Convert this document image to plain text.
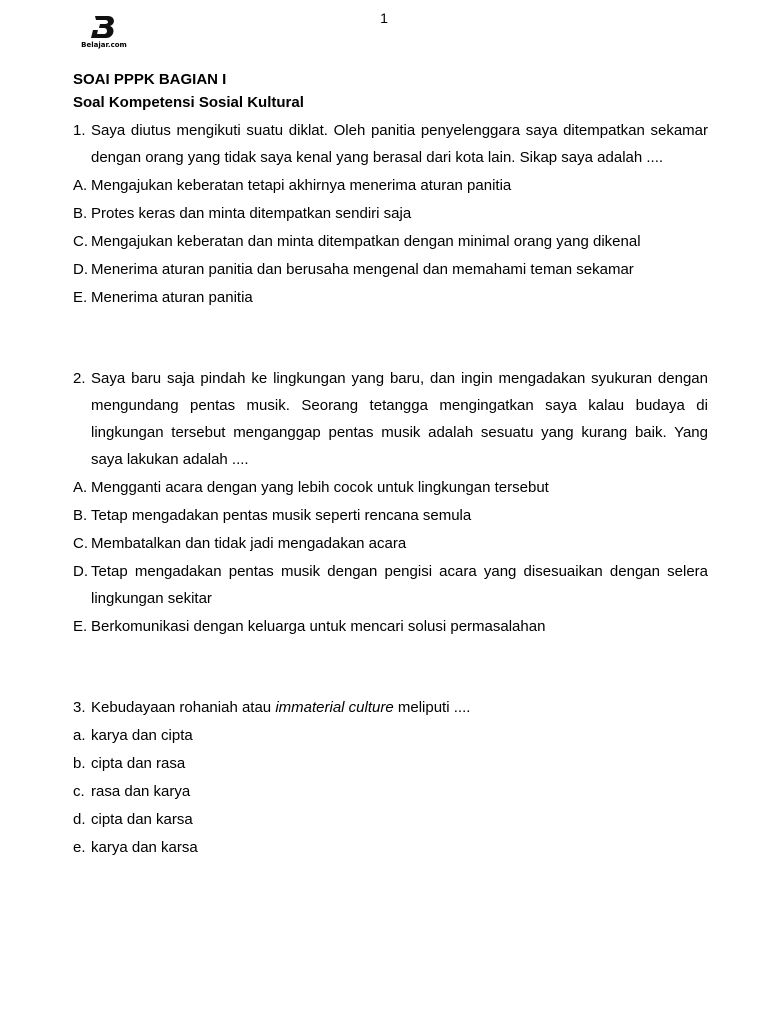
1
Belajar.com
SOAI PPPK BAGIAN I
Soal Kompetensi Sosial Kultural
1. Saya diutus mengikuti suatu diklat. Oleh panitia penyelenggara saya ditempatkan sekamar dengan orang yang tidak saya kenal yang berasal dari kota lain. Sikap saya adalah ....
A. Mengajukan keberatan tetapi akhirnya menerima aturan panitia
B. Protes keras dan minta ditempatkan sendiri saja
C. Mengajukan keberatan dan minta ditempatkan dengan minimal orang yang dikenal
D. Menerima aturan panitia dan berusaha mengenal dan memahami teman sekamar
E. Menerima aturan panitia
2. Saya baru saja pindah ke lingkungan yang baru, dan ingin mengadakan syukuran dengan mengundang pentas musik. Seorang tetangga mengingatkan saya kalau budaya di lingkungan tersebut menganggap pentas musik adalah sesuatu yang kurang baik. Yang saya lakukan adalah ....
A. Mengganti acara dengan yang lebih cocok untuk lingkungan tersebut
B. Tetap mengadakan pentas musik seperti rencana semula
C. Membatalkan dan tidak jadi mengadakan acara
D. Tetap mengadakan pentas musik dengan pengisi acara yang disesuaikan dengan selera lingkungan sekitar
E. Berkomunikasi dengan keluarga untuk mencari solusi permasalahan
3. Kebudayaan rohaniah atau immaterial culture meliputi ....
a. karya dan cipta
b. cipta dan rasa
c. rasa dan karya
d. cipta dan karsa
e. karya dan karsa
